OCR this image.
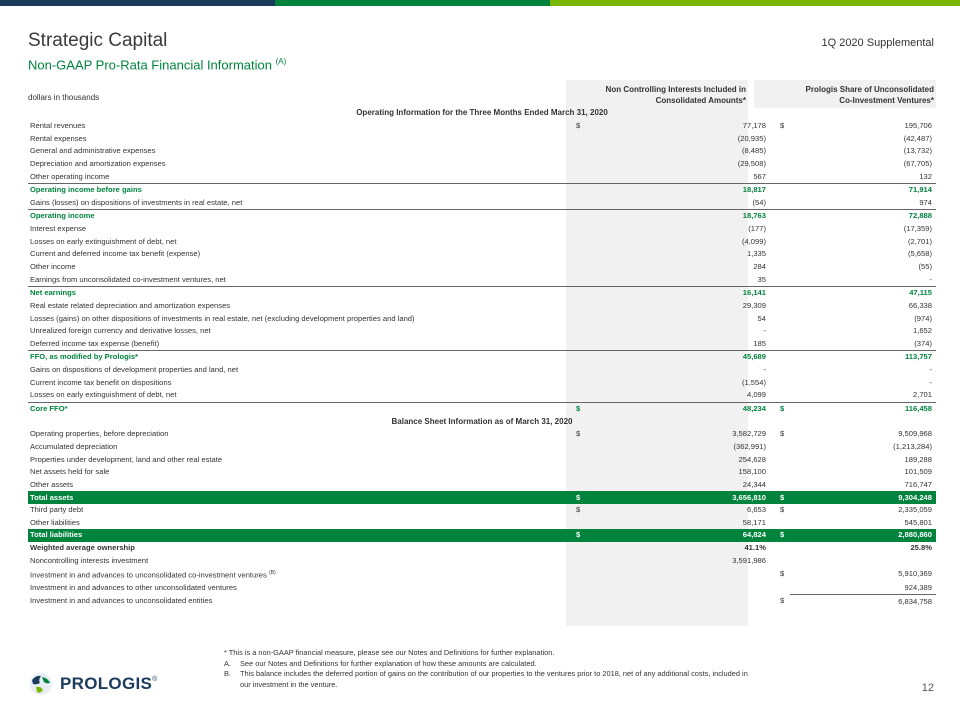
Strategic Capital
Non-GAAP Pro-Rata Financial Information $^{(A)}$
1Q 2020 Supplemental
dollars in thousands
Non Controlling Interests Included in
Consolidated Amounts*
Prologis Share of Unconsolidated
Co-Investment Ventures*
Operating Information for the Three Months Ended March 31, 2020				
Rental revenues	$	77,178	$	195,706
Rental expenses		(20,935)		(42,487)
General and administrative expenses		(8,485)		(13,732)
Depreciation and amortization expenses		(29,508)		(67,705)
Other operating income		567		132
Operating income before gains		18,817		71,914
Gains (losses) on dispositions of investments in real estate, net		(54)		974
Operating income		18,763		72,888
Interest expense		(177)		(17,359)
Losses on early extinguishment of debt, net		(4,099)		(2,701)
Current and deferred income tax benefit (expense)		1,335		(5,658)
Other income		284		(55)
Earnings from unconsolidated co-investment ventures, net		35		-
Net earnings		16,141		47,115
Real estate related depreciation and amortization expenses		29,309		66,338
Losses (gains) on other dispositions of investments in real estate, net (excluding development properties and land)		54		(974)
Unrealized foreign currency and derivative losses, net		-		1,652
Deferred income tax expense (benefit)		185		(374)
FFO, as modified by Prologis*		45,689		113,757
Gains on dispositions of development properties and land, net		-		-
Current income tax benefit on dispositions		(1,554)		-
Losses on early extinguishment of debt, net		4,099		2,701
Core FFO*	$	48,234	$	116,458
Balance Sheet Information as of March 31, 2020				
Operating properties, before depreciation	$	3,582,729	$	9,509,968
Accumulated depreciation		(362,991)		(1,213,284)
Properties under development, land and other real estate		254,628		189,288
Net assets held for sale		158,100		101,509
Other assets		24,344		716,747
Total assets	$	3,656,810	$	9,304,248
Third party debt	$	6,653	$	2,335,059
Other liabilities		58,171		545,801
Total liabilities	$	64,824	$	2,880,860
Weighted average ownership		41.1%		25.8%
Noncontrolling interests investment		3,591,986		
Investment in and advances to unconsolidated co-investment ventures $^{(B)}$			$	5,910,369
Investment in and advances to other unconsolidated ventures				924,389
Investment in and advances to unconsolidated entities			$	6,834,758
* This is a non-GAAP financial measure, please see our Notes and Definitions for further explanation.
A.	See our Notes and Definitions for further explanation of how these amounts are calculated.
B.	This balance includes the deferred portion of gains on the contribution of our properties to the ventures prior to 2018, net of any additional costs, included in
our investment in the venture.
PROLOGIS ®
12
